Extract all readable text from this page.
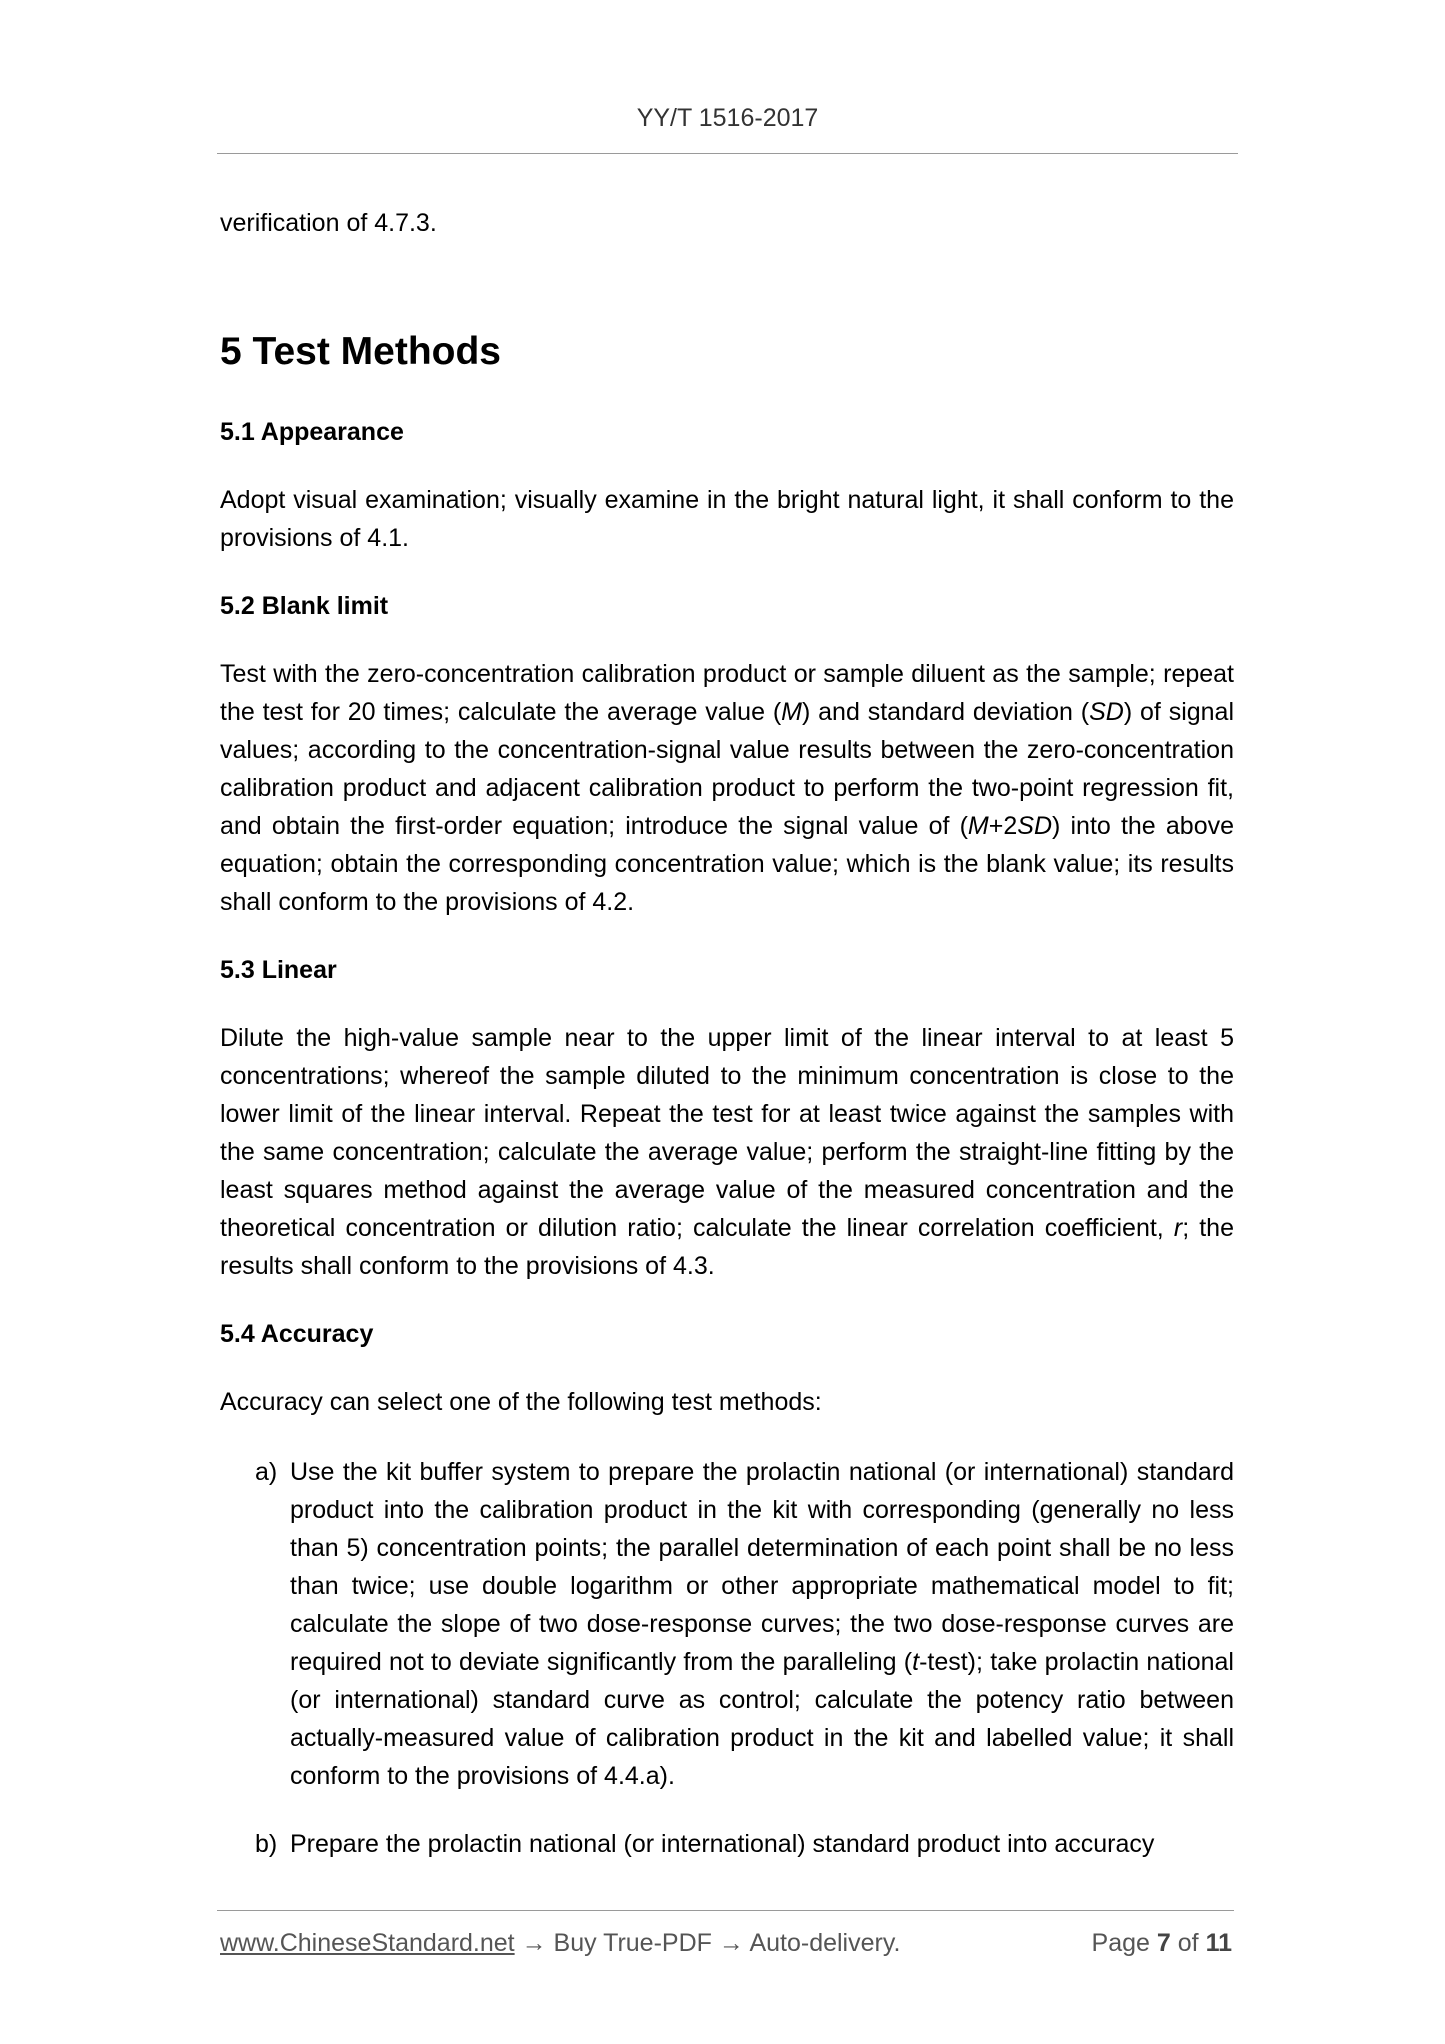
YY/T 1516-2017

verification of 4.7.3.

5 Test Methods

5.1 Appearance

Adopt visual examination; visually examine in the bright natural light, it shall conform to the provisions of 4.1.

5.2 Blank limit

Test with the zero-concentration calibration product or sample diluent as the sample; repeat the test for 20 times; calculate the average value (M) and standard deviation (SD) of signal values; according to the concentration-signal value results between the zero-concentration calibration product and adjacent calibration product to perform the two-point regression fit, and obtain the first-order equation; introduce the signal value of (M+2SD) into the above equation; obtain the corresponding concentration value; which is the blank value; its results shall conform to the provisions of 4.2.

5.3 Linear

Dilute the high-value sample near to the upper limit of the linear interval to at least 5 concentrations; whereof the sample diluted to the minimum concentration is close to the lower limit of the linear interval. Repeat the test for at least twice against the samples with the same concentration; calculate the average value; perform the straight-line fitting by the least squares method against the average value of the measured concentration and the theoretical concentration or dilution ratio; calculate the linear correlation coefficient, r; the results shall conform to the provisions of 4.3.

5.4 Accuracy

Accuracy can select one of the following test methods:

a) Use the kit buffer system to prepare the prolactin national (or international) standard product into the calibration product in the kit with corresponding (generally no less than 5) concentration points; the parallel determination of each point shall be no less than twice; use double logarithm or other appropriate mathematical model to fit; calculate the slope of two dose-response curves; the two dose-response curves are required not to deviate significantly from the paralleling (t-test); take prolactin national (or international) standard curve as control; calculate the potency ratio between actually-measured value of calibration product in the kit and labelled value; it shall conform to the provisions of 4.4.a).

b) Prepare the prolactin national (or international) standard product into accuracy

www.ChineseStandard.net → Buy True-PDF → Auto-delivery.	Page 7 of 11
